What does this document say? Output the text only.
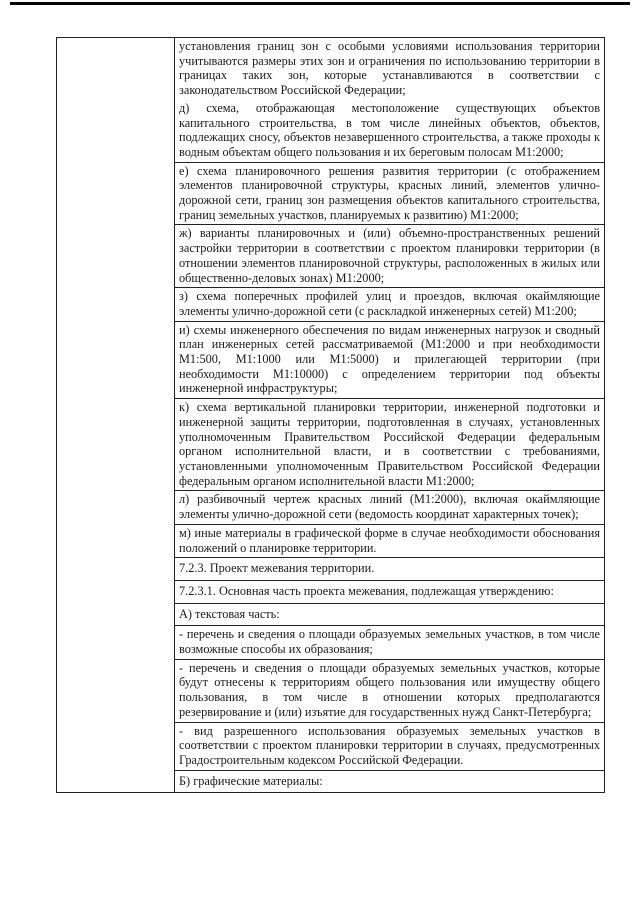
установления границ зон с особыми условиями использования территории учитываются размеры этих зон и ограничения по использованию территории в границах таких зон, которые устанавливаются в соответствии с законодательством Российской Федерации;
д) схема, отображающая местоположение существующих объектов капитального строительства, в том числе линейных объектов, объектов, подлежащих сносу, объектов незавершенного строительства, а также проходы к водным объектам общего пользования и их береговым полосам М1:2000;
е) схема планировочного решения развития территории (с отображением элементов планировочной структуры, красных линий, элементов улично-дорожной сети, границ зон размещения объектов капитального строительства, границ земельных участков, планируемых к развитию) М1:2000;
ж) варианты планировочных и (или) объемно-пространственных решений застройки территории в соответствии с проектом планировки территории (в отношении элементов планировочной структуры, расположенных в жилых или общественно-деловых зонах) М1:2000;
з) схема поперечных профилей улиц и проездов, включая окаймляющие элементы улично-дорожной сети (с раскладкой инженерных сетей) М1:200;
и) схемы инженерного обеспечения по видам инженерных нагрузок и сводный план инженерных сетей рассматриваемой (М1:2000 и при необходимости М1:500, М1:1000 или М1:5000) и прилегающей территории (при необходимости М1:10000) с определением территории под объекты инженерной инфраструктуры;
к) схема вертикальной планировки территории, инженерной подготовки и инженерной защиты территории, подготовленная в случаях, установленных уполномоченным Правительством Российской Федерации федеральным органом исполнительной власти, и в соответствии с требованиями, установленными уполномоченным Правительством Российской Федерации федеральным органом исполнительной власти М1:2000;
л) разбивочный чертеж красных линий (М1:2000), включая окаймляющие элементы улично-дорожной сети (ведомость координат характерных точек);
м) иные материалы в графической форме в случае необходимости обоснования положений о планировке территории.
7.2.3. Проект межевания территории.
7.2.3.1. Основная часть проекта межевания, подлежащая утверждению:
А) текстовая часть:
- перечень и сведения о площади образуемых земельных участков, в том числе возможные способы их образования;
- перечень и сведения о площади образуемых земельных участков, которые будут отнесены к территориям общего пользования или имуществу общего пользования, в том числе в отношении которых предполагаются резервирование и (или) изъятие для государственных нужд Санкт-Петербурга;
- вид разрешенного использования образуемых земельных участков в соответствии с проектом планировки территории в случаях, предусмотренных Градостроительным кодексом Российской Федерации.
Б) графические материалы:
